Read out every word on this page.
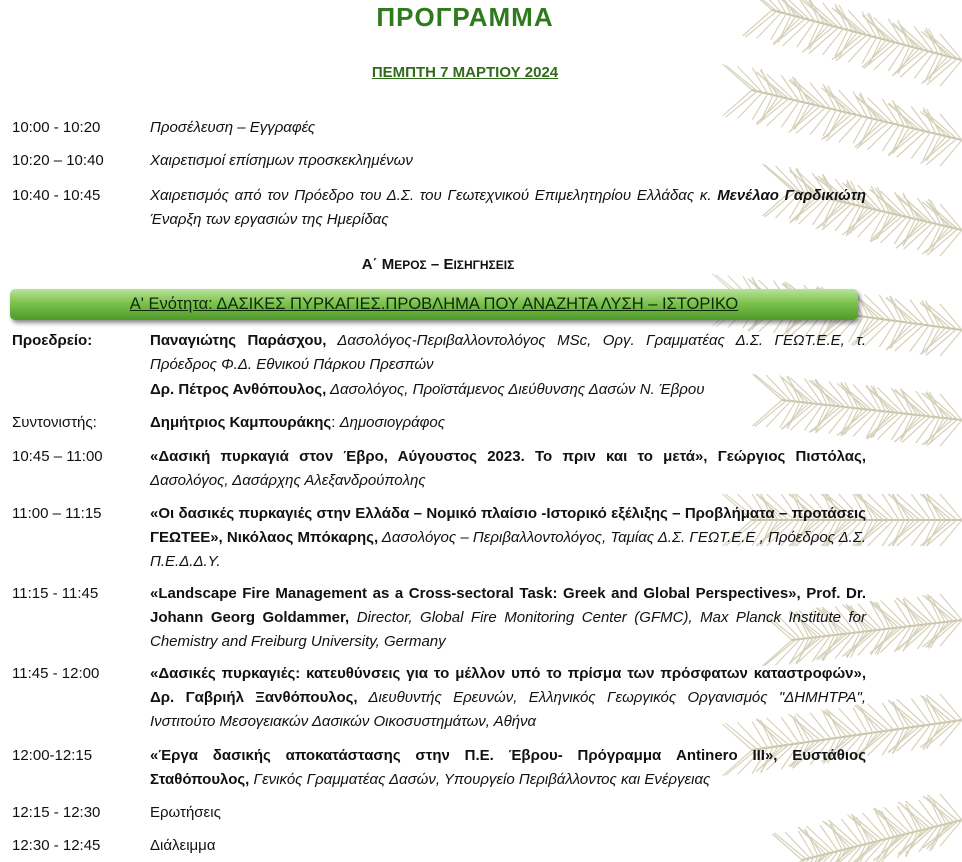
ΠΡΟΓΡΑΜΜΑ
ΠΕΜΠΤΗ 7 ΜΑΡΤΙΟΥ 2024
10:00 - 10:20	Προσέλευση – Εγγραφές
10:20 – 10:40	Χαιρετισμοί επίσημων προσκεκλημένων
10:40 - 10:45	Χαιρετισμός από τον Πρόεδρο του Δ.Σ. του Γεωτεχνικού Επιμελητηρίου Ελλάδας κ. Μενέλαο Γαρδικιώτη Έναρξη των εργασιών της Ημερίδας
Α΄ ΜΕΡΟΣ – ΕΙΣΗΓΗΣΕΙΣ
Α' Ενότητα: ΔΑΣΙΚΕΣ ΠΥΡΚΑΓΙΕΣ.ΠΡΟΒΛΗΜΑ ΠΟΥ ΑΝΑΖΗΤΑ ΛΥΣΗ – ΙΣΤΟΡΙΚΟ
Προεδρείο:	Παναγιώτης Παράσχου, Δασολόγος-Περιβαλλοντολόγος MSc, Οργ. Γραμματέας Δ.Σ. ΓΕΩΤ.Ε.Ε, τ. Πρόεδρος Φ.Δ. Εθνικού Πάρκου Πρεσπών
Δρ. Πέτρος Ανθόπουλος, Δασολόγος, Προϊστάμενος Διεύθυνσης Δασών Ν. Έβρου
Συντονιστής:	Δημήτριος Καμπουράκης: Δημοσιογράφος
10:45 – 11:00	«Δασική πυρκαγιά στον Έβρο, Αύγουστος 2023. Το πριν και το μετά», Γεώργιος Πιστόλας, Δασολόγος, Δασάρχης Αλεξανδρούπολης
11:00 – 11:15	«Οι δασικές πυρκαγιές στην Ελλάδα – Νομικό πλαίσιο -Ιστορικό εξέλιξης – Προβλήματα – προτάσεις ΓΕΩΤΕΕ», Νικόλαος Μπόκαρης, Δασολόγος – Περιβαλλοντολόγος, Ταμίας Δ.Σ. ΓΕΩΤ.Ε.Ε , Πρόεδρος Δ.Σ. Π.Ε.Δ.Δ.Υ.
11:15 - 11:45	«Landscape Fire Management as a Cross-sectoral Task: Greek and Global Perspectives», Prof. Dr. Johann Georg Goldammer, Director, Global Fire Monitoring Center (GFMC), Max Planck Institute for Chemistry and Freiburg University, Germany
11:45 - 12:00	«Δασικές πυρκαγιές: κατευθύνσεις για το μέλλον υπό το πρίσμα των πρόσφατων καταστροφών», Δρ. Γαβριήλ Ξανθόπουλος, Διευθυντής Ερευνών, Ελληνικός Γεωργικός Οργανισμός "ΔΗΜΗΤΡΑ", Ινστιτούτο Μεσογειακών Δασικών Οικοσυστημάτων, Αθήνα
12:00-12:15	«Έργα δασικής αποκατάστασης στην Π.Ε. Έβρου- Πρόγραμμα Antinero III», Ευστάθιος Σταθόπουλος, Γενικός Γραμματέας Δασών, Υπουργείο Περιβάλλοντος και Ενέργειας
12:15 - 12:30	Ερωτήσεις
12:30 - 12:45	Διάλειμμα
